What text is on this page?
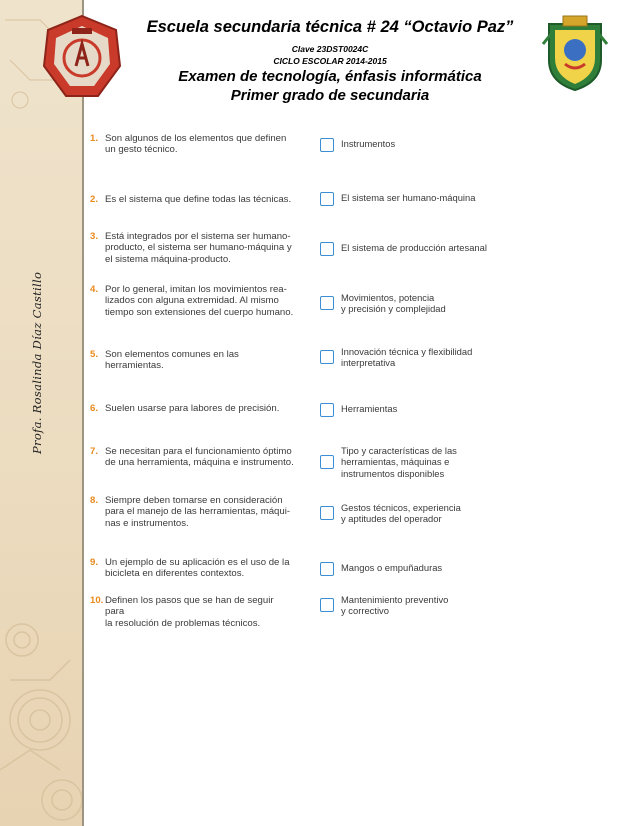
Profa. Rosalinda Díaz Castillo
Escuela secundaria técnica # 24 “Octavio Paz”
Clave 23DST0024C
CICLO ESCOLAR 2014-2015
Examen de tecnología, énfasis informática
Primer grado de secundaria
1. Son algunos de los elementos que definen
un gesto técnico.
2. Es el sistema que define todas las técnicas.
3. Está integrados por el sistema ser humano-
producto, el sistema ser humano-máquina y
el sistema máquina-producto.
4. Por lo general, imitan los movimientos rea-
lizados con alguna extremidad. Al mismo
tiempo son extensiones del cuerpo humano.
5. Son elementos comunes en las herramientas.
6. Suelen usarse para labores de precisión.
7. Se necesitan para el funcionamiento óptimo
de una herramienta, máquina e instrumento.
8. Siempre deben tomarse en consideración
para el manejo de las herramientas, máqui-
nas e instrumentos.
9. Un ejemplo de su aplicación es el uso de la
bicicleta en diferentes contextos.
10. Definen los pasos que se han de seguir para
la resolución de problemas técnicos.
Instrumentos
El sistema ser humano-máquina
El sistema de producción artesanal
Movimientos, potencia
y precisión y complejidad
Innovación técnica y flexibilidad
interpretativa
Herramientas
Tipo y características de las
herramientas, máquinas e
instrumentos disponibles
Gestos técnicos, experiencia
y aptitudes del operador
Mangos o empuñaduras
Mantenimiento preventivo
y correctivo
